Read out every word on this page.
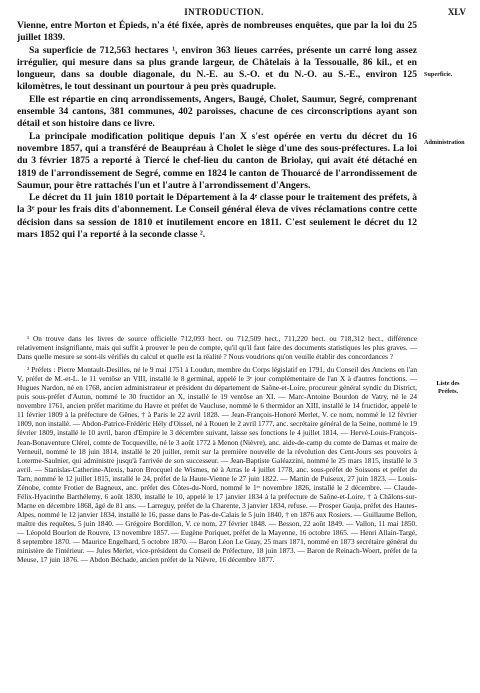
INTRODUCTION.	XLV

Vienne, entre Morton et Épieds, n'a été fixée, après de nombreuses enquêtes, que par la loi du 25 juillet 1839.

Sa superficie de 712,563 hectares ¹, environ 363 lieues carrées, présente un carré long assez irrégulier, qui mesure dans sa plus grande largeur, de Châtelais à la Tessoualle, 86 kil., et en longueur, dans sa double diagonale, du N.-E. au S.-O. et du N.-O. au S.-E., environ 125 kilomètres, le tout dessinant un pourtour à peu près quadruple.

Elle est répartie en cinq arrondissements, Angers, Baugé, Cholet, Saumur, Segré, comprenant ensemble 34 cantons, 381 communes, 402 paroisses, chacune de ces circonscriptions ayant son détail et son histoire dans ce livre.

La principale modification politique depuis l'an X s'est opérée en vertu du décret du 16 novembre 1857, qui a transféré de Beaupréau à Cholet le siège d'une des sous-préfectures. La loi du 3 février 1875 a reporté à Tiercé le chef-lieu du canton de Briolay, qui avait été détaché en 1819 de l'arrondissement de Segré, comme en 1824 le canton de Thouarcé de l'arrondissement de Saumur, pour être rattachés l'un et l'autre à l'arrondissement d'Angers.

Le décret du 11 juin 1810 portait le Département à la 4ᵉ classe pour le traitement des préfets, à la 3ᵉ pour les frais dits d'abonnement. Le Conseil général éleva de vives réclamations contre cette décision dans sa session de 1810 et inutilement encore en 1811. C'est seulement le décret du 12 mars 1852 qui l'a reporté à la seconde classe ².

Superficie.
Administration
Liste des Préfets.

¹ On trouve dans les livres de source officielle 712,093 hect. ou 712,509 hect., 711,220 hect. ou 718,312 hect., différence relativement insignifiante, mais qui suffit à prouver le peu de compte, qu'il qu'il faut faire des documents statistiques les plus graves. — Dans quelle mesure se sont-ils vérifiés du calcul et quelle est la réalité ? Nous voudrions qu'on veuille établir des concordances ?

² Préfets : Pierre Montault-Desilles, né le 9 mai 1751 à Loudun, membre du Corps législatif en 1791, du Conseil des Anciens en l'an V, préfet de M.-et-L. le 11 ventôse an VIII, installé le 8 germinal, appelé le 3ᵉ jour complémentaire de l'an X à d'autres fonctions. — Hugues Nardon, né en 1768, ancien administrateur et président du département de Saône-et-Loire, procureur général syndic du District, puis sous-préfet d'Autun, nommé le 30 fructidor an X, installé le 19 ventôse an XI. — Marc-Antoine Bourdon de Vatry, né le 24 novembre 1761, ancien préfet maritime du Havre et préfet de Vaucluse, nommé le 6 thermidor an XIII, installé le 14 fructidor, appelé le 11 février 1809 à la préfecture de Gênes, † à Paris le 22 avril 1828. — Jean-François-Honoré Merlet, V. ce nom, nommé le 12 février 1809, non installé. — Abdon-Patrice-Frédéric Hély d'Oissel, né à Rouen le 2 avril 1777, anc. secrétaire général de la Seine, nommé le 19 février 1809, installé le 10 avril, baron d'Empire le 3 décembre suivant, laisse ses fonctions le 4 juillet 1814. — Hervé-Louis-François-Jean-Bonaventure Clérel, comte de Tocqueville, né le 3 août 1772 à Menon (Nièvre), anc. aide-de-camp du comte de Damas et maire de Verneuil, nommé le 18 juin 1814, installé le 20 juillet, remit sur la première nouvelle de la révolution des Cent-Jours ses pouvoirs à Loterme-Saulnier, qui administre jusqu'à l'arrivée de son successeur. — Jean-Baptiste Galéazzini, nommé le 25 mars 1815, installé le 3 avril. — Stanislas-Catherine-Alexis, baron Brocquel de Wismes, né à Arras le 4 juillet 1778, anc. sous-préfet de Soissons et préfet du Tarn, nommé le 12 juillet 1815, installé le 24, préfet de la Haute-Vienne le 27 juin 1822. — Martin de Puiseux, 27 juin 1823. — Louis-Zénobe, comte Frotier de Bagneux, anc. préfet des Côtes-du-Nord, nommé le 1ᵉʳ novembre 1826, installé le 2 décembre. — Claude-Félix-Hyacinthe Barthélemy, 6 août 1830, installé le 10, appelé le 17 janvier 1834 à la préfecture de Saône-et-Loire, † à Châlons-sur-Marne en décembre 1868, âgé de 81 ans. — Larreguy, préfet de la Charente, 3 janvier 1834, refuse. — Prosper Gauja, préfet des Hautes-Alpes, nommé le 12 janvier 1834, installé le 16, passe dans le Pas-de-Calais le 5 juin 1840, † en 1876 aux Rosiers. — Guillaume Bellon, maître des requêtes, 5 juin 1840. — Grégoire Bordillon, V. ce nom, 27 février 1848. — Besson, 22 août 1849. — Vallon, 11 mai 1850. — Léopold Bourlon de Rouvre, 13 novembre 1857. — Eugène Poriquet, préfet de la Mayenne, 16 octobre 1865. — Henri Allain-Targé, 8 septembre 1870. — Maurice Engelhard, 5 octobre 1870. — Baron Léon Le Guay, 25 mars 1871, nommé en 1873 secrétaire général du ministère de l'intérieur. — Jules Merlet, vice-président du Conseil de Préfecture, 18 juin 1873. — Baron de Reinach-Woert, préfet de la Meuse, 17 juin 1876. — Abdon Béchade, ancien préfet de la Nièvre, 16 décembre 1877.
